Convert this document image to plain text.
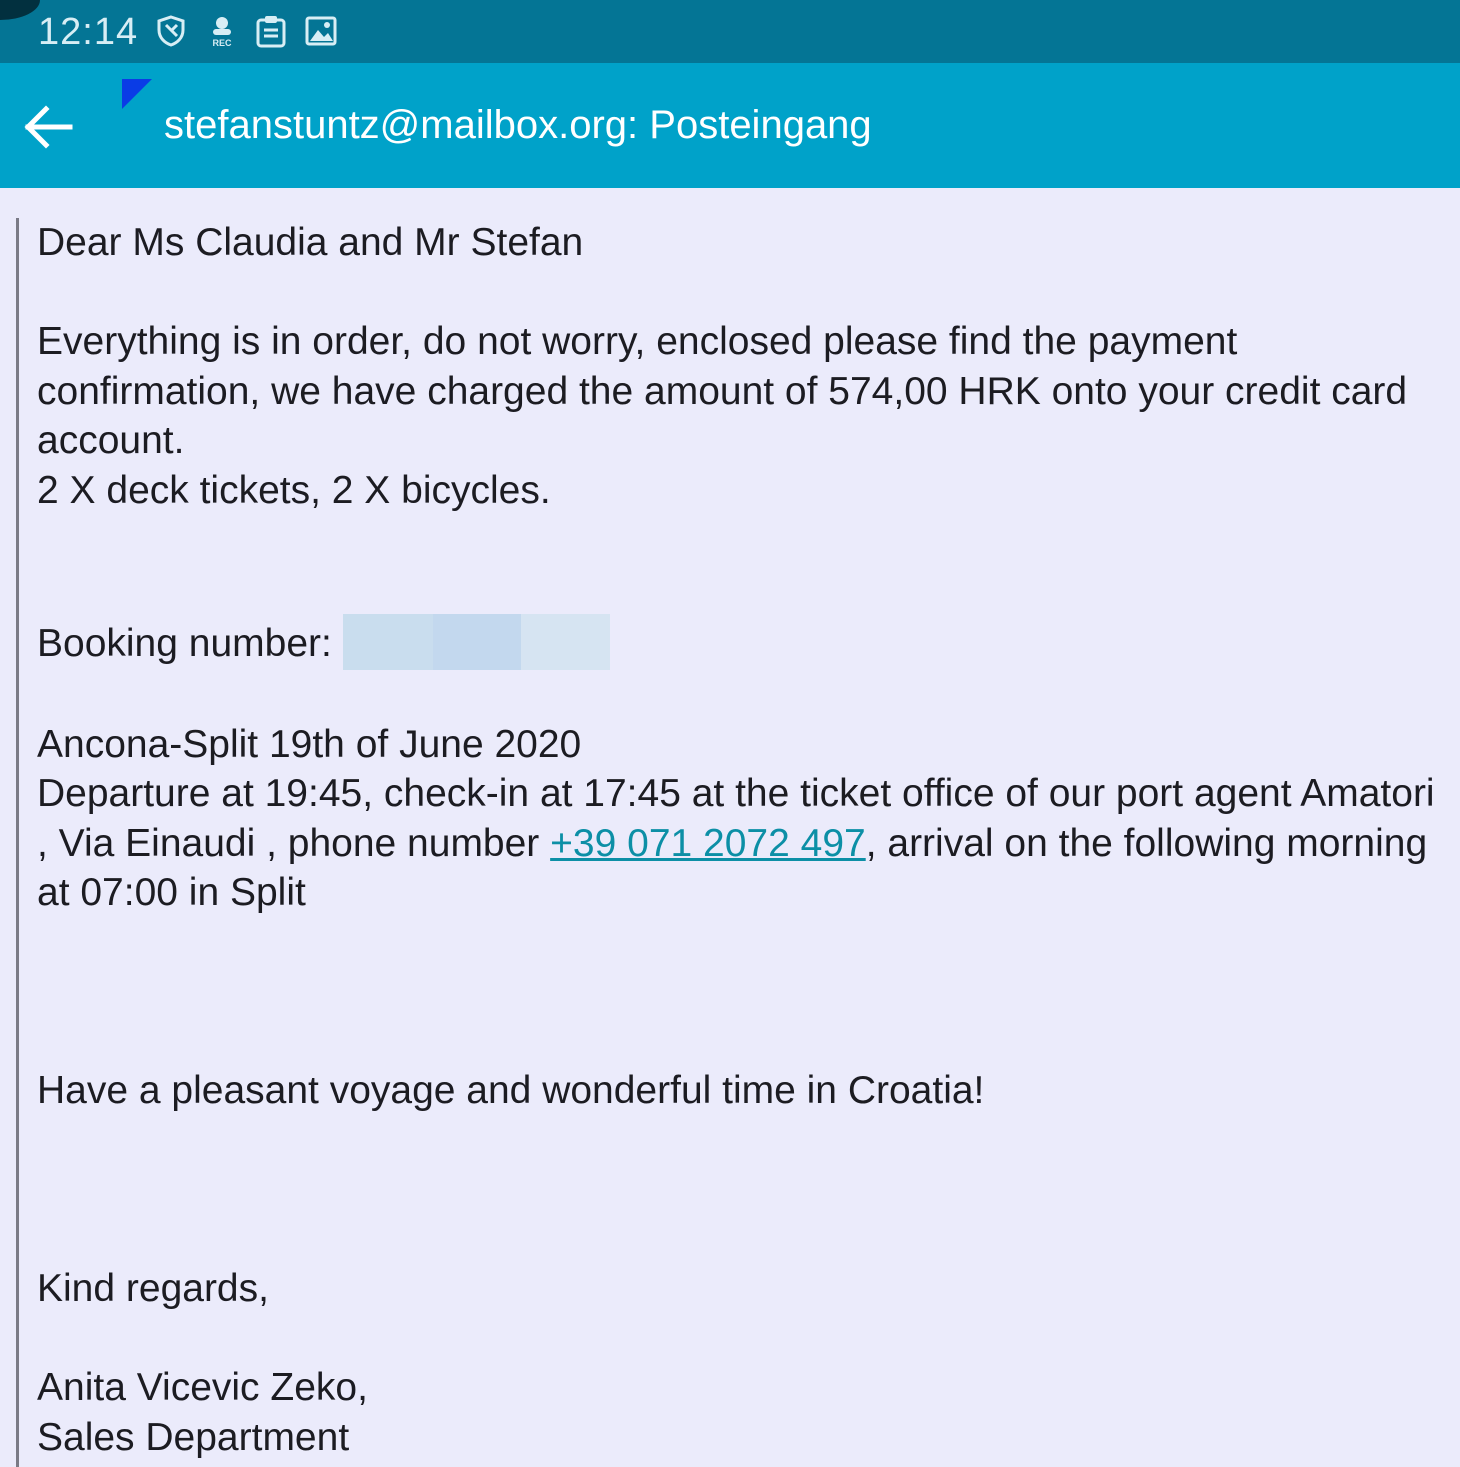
12:14	REC
stefanstuntz@mailbox.org: Posteingang

Dear Ms Claudia and Mr Stefan

Everything is in order, do not worry, enclosed please find the payment confirmation, we have charged the amount of 574,00 HRK onto your credit card account.

2 X deck tickets, 2 X bicycles.

Booking number:

Ancona-Split 19th of June 2020

Departure at 19:45, check-in at 17:45 at the ticket office of our port agent Amatori , Via Einaudi , phone number +39 071 2072 497, arrival on the following morning at 07:00 in Split

Have a pleasant voyage and wonderful time in Croatia!

Kind regards,

Anita Vicevic Zeko,

Sales Department
